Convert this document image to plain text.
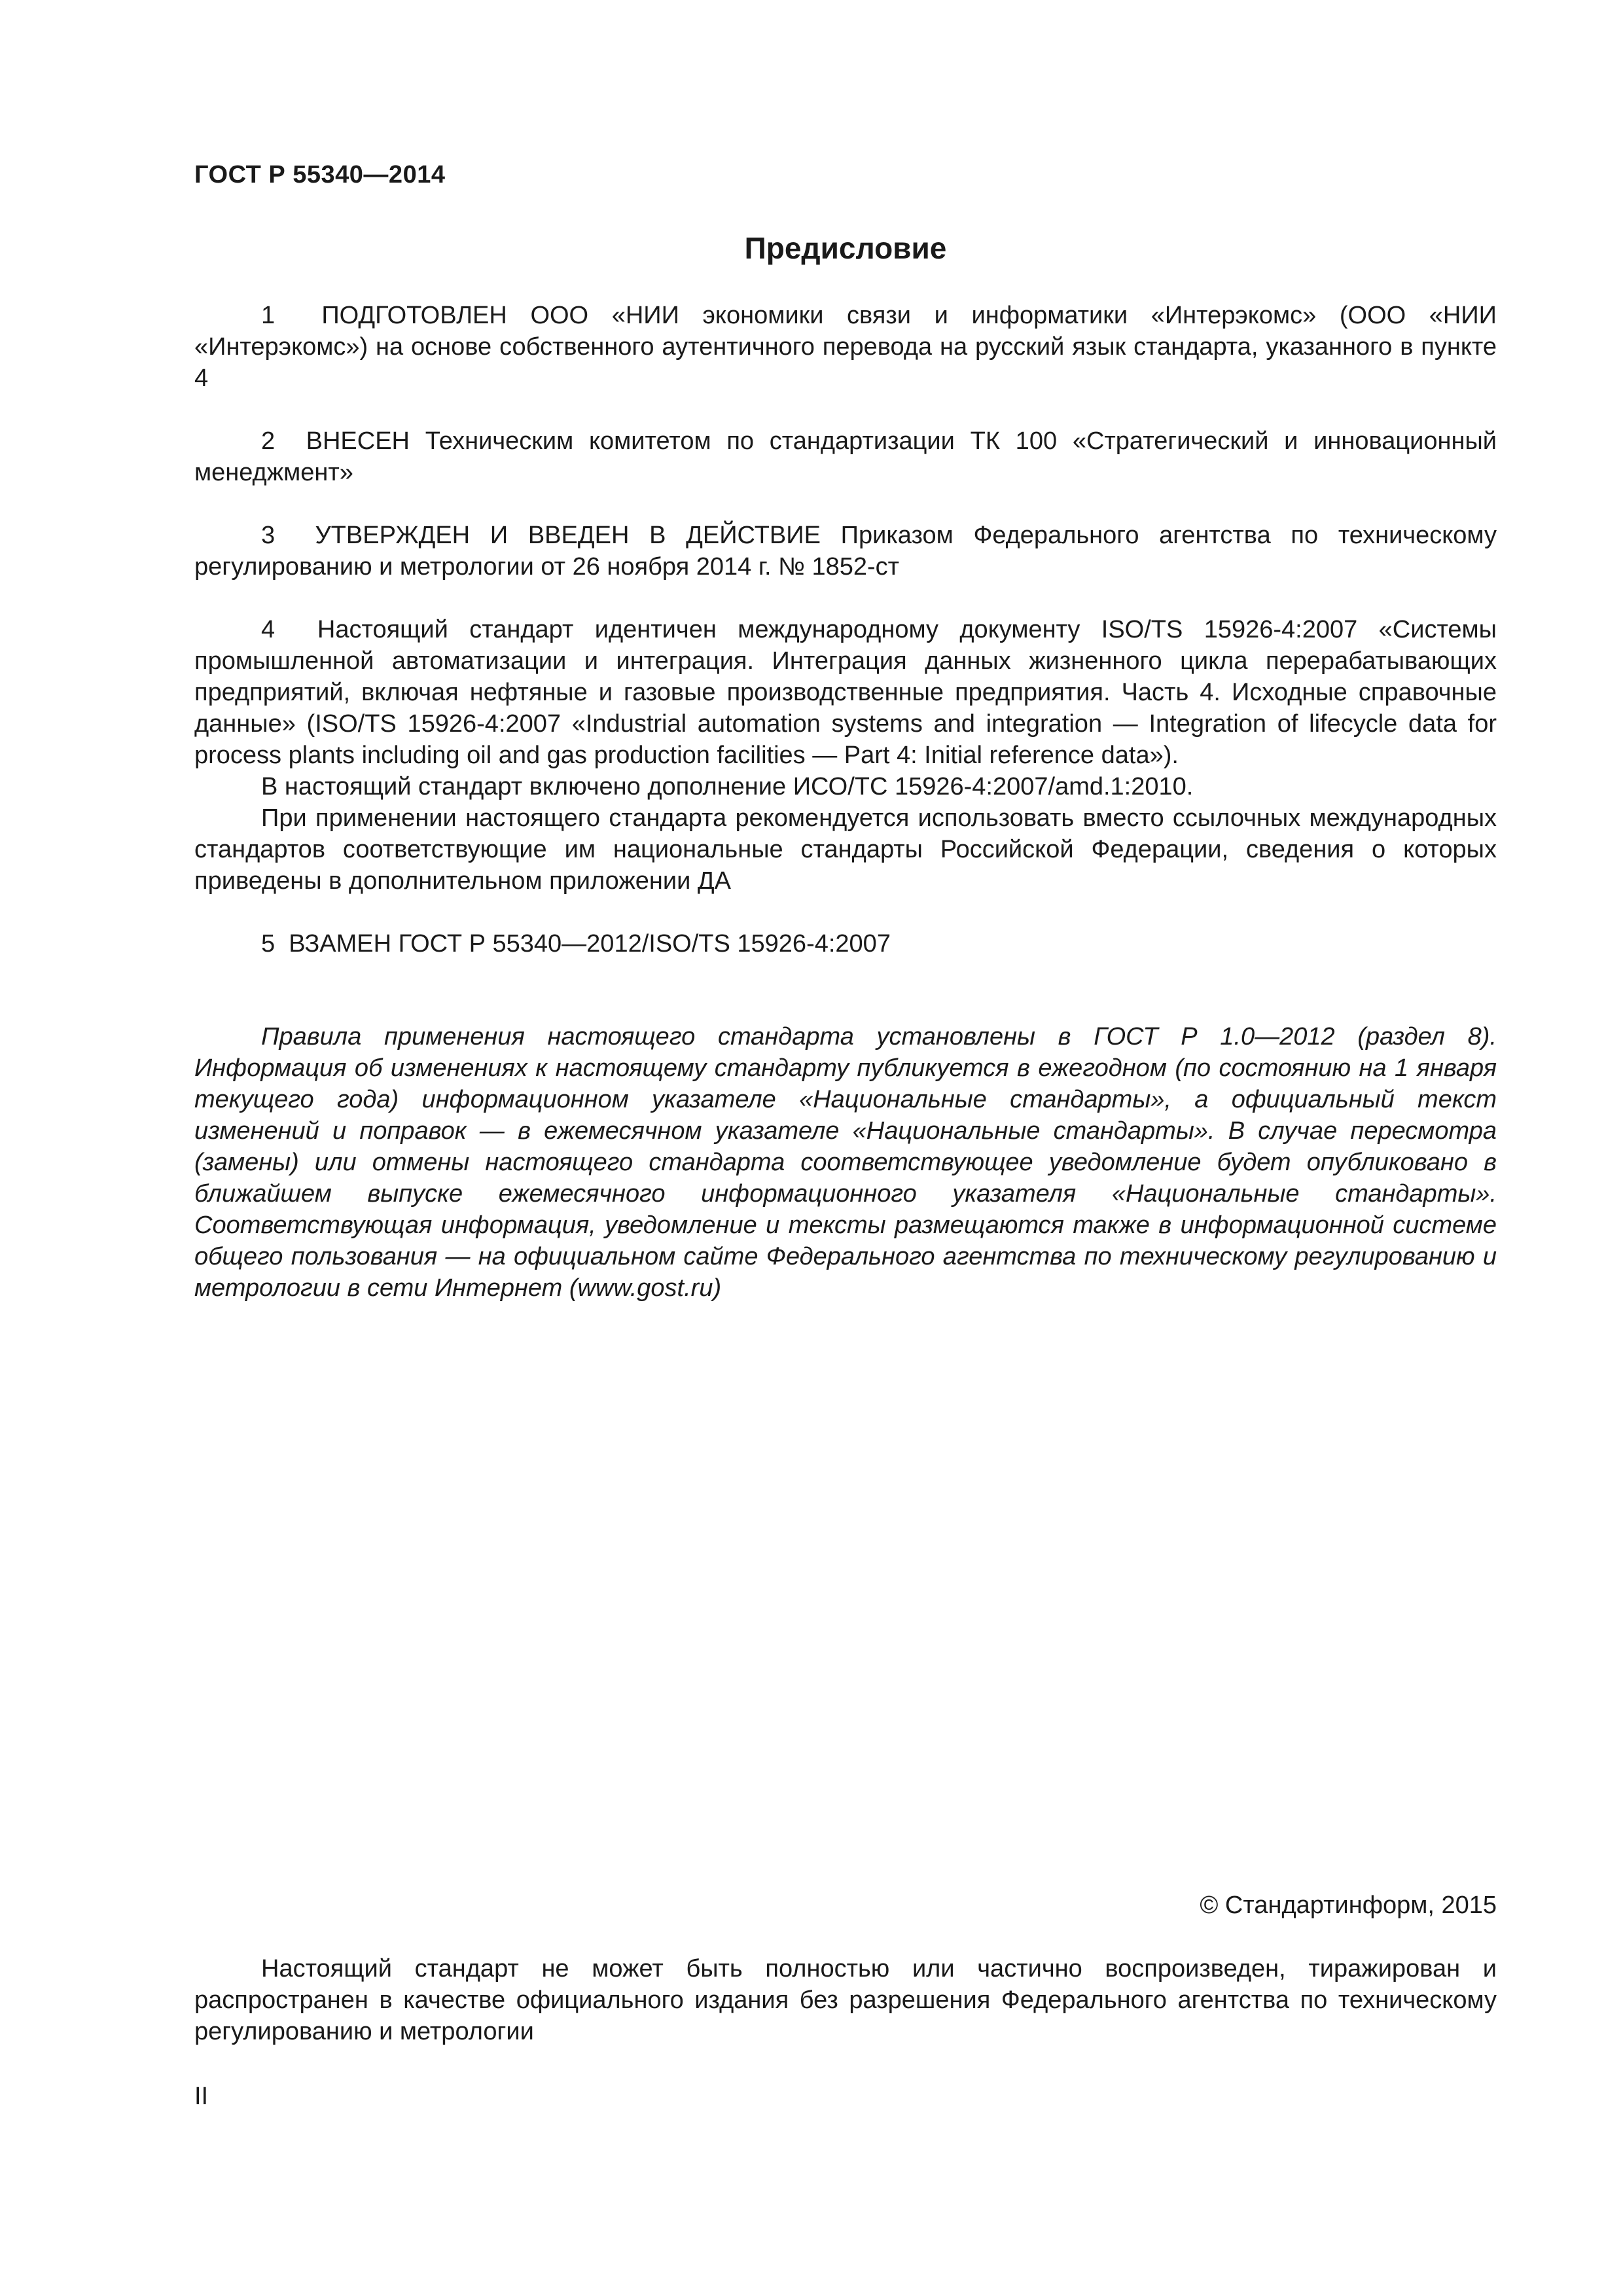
ГОСТ Р 55340—2014
Предисловие

1 ПОДГОТОВЛЕН ООО «НИИ экономики связи и информатики «Интерэкомс» (ООО «НИИ «Интерэкомс») на основе собственного аутентичного перевода на русский язык стандарта, указанного в пункте 4

2 ВНЕСЕН Техническим комитетом по стандартизации ТК 100 «Стратегический и инновационный менеджмент»

3 УТВЕРЖДЕН И ВВЕДЕН В ДЕЙСТВИЕ Приказом Федерального агентства по техническому регулированию и метрологии от 26 ноября 2014 г. № 1852-ст

4 Настоящий стандарт идентичен международному документу ISO/TS 15926-4:2007 «Системы промышленной автоматизации и интеграция. Интеграция данных жизненного цикла перерабатывающих предприятий, включая нефтяные и газовые производственные предприятия. Часть 4. Исходные справочные данные» (ISO/TS 15926-4:2007 «Industrial automation systems and integration — Integration of lifecycle data for process plants including oil and gas production facilities — Part 4: Initial reference data»).

В настоящий стандарт включено дополнение ИСО/ТС 15926-4:2007/amd.1:2010.

При применении настоящего стандарта рекомендуется использовать вместо ссылочных международных стандартов соответствующие им национальные стандарты Российской Федерации, сведения о которых приведены в дополнительном приложении ДА

5 ВЗАМЕН ГОСТ Р 55340—2012/ISO/TS 15926-4:2007

Правила применения настоящего стандарта установлены в ГОСТ Р 1.0—2012 (раздел 8). Информация об изменениях к настоящему стандарту публикуется в ежегодном (по состоянию на 1 января текущего года) информационном указателе «Национальные стандарты», а официальный текст изменений и поправок — в ежемесячном указателе «Национальные стандарты». В случае пересмотра (замены) или отмены настоящего стандарта соответствующее уведомление будет опубликовано в ближайшем выпуске ежемесячного информационного указателя «Национальные стандарты». Соответствующая информация, уведомление и тексты размещаются также в информационной системе общего пользования — на официальном сайте Федерального агентства по техническому регулированию и метрологии в сети Интернет (www.gost.ru)

© Стандартинформ, 2015

Настоящий стандарт не может быть полностью или частично воспроизведен, тиражирован и распространен в качестве официального издания без разрешения Федерального агентства по техническому регулированию и метрологии

II
